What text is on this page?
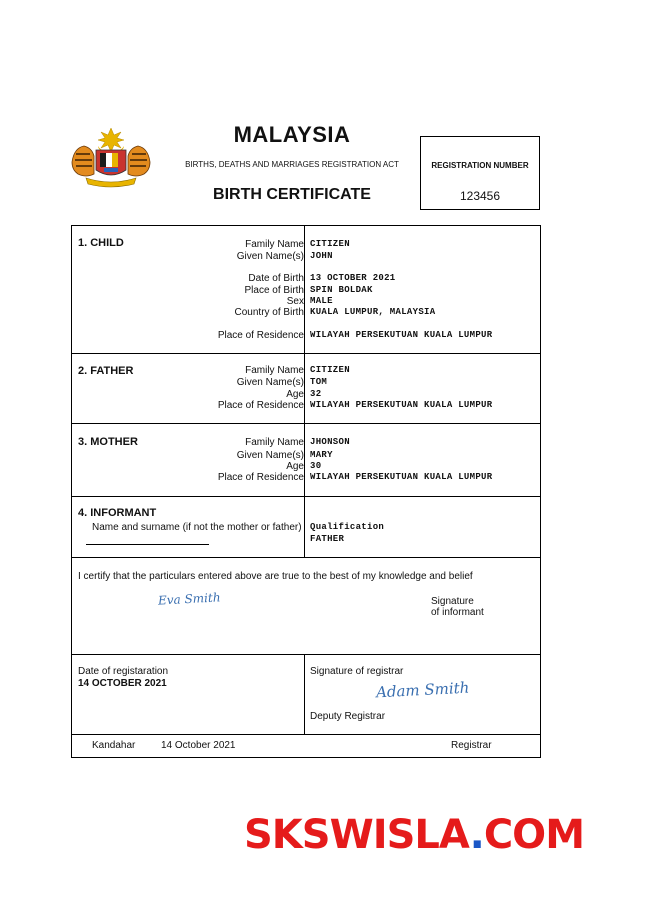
MALAYSIA
BIRTHS, DEATHS AND MARRIAGES REGISTRATION ACT
BIRTH CERTIFICATE
REGISTRATION NUMBER
123456
1. CHILD	Family Name CITIZEN
Given Name(s) JOHN
Date of Birth 13 OCTOBER 2021
Place of Birth SPIN BOLDAK
Sex MALE
Country of Birth KUALA LUMPUR, MALAYSIA
Place of Residence WILAYAH PERSEKUTUAN KUALA LUMPUR
2. FATHER	Family Name CITIZEN
Given Name(s) TOM
Age 32
Place of Residence WILAYAH PERSEKUTUAN KUALA LUMPUR
3. MOTHER	Family Name JHONSON
Given Name(s) MARY
Age 30
Place of Residence WILAYAH PERSEKUTUAN KUALA LUMPUR
4. INFORMANT
Name and surname (if not the mother or father) Qualification
FATHER
I certify that the particulars entered above are true to the best of my knowledge and belief
Eva Smith	Signature
of informant
Date of registaration
14 OCTOBER 2021
Signature of registrar
Adam Smith
Deputy Registrar
Kandahar	14 October 2021	Registrar
SKSWISLA.COM
